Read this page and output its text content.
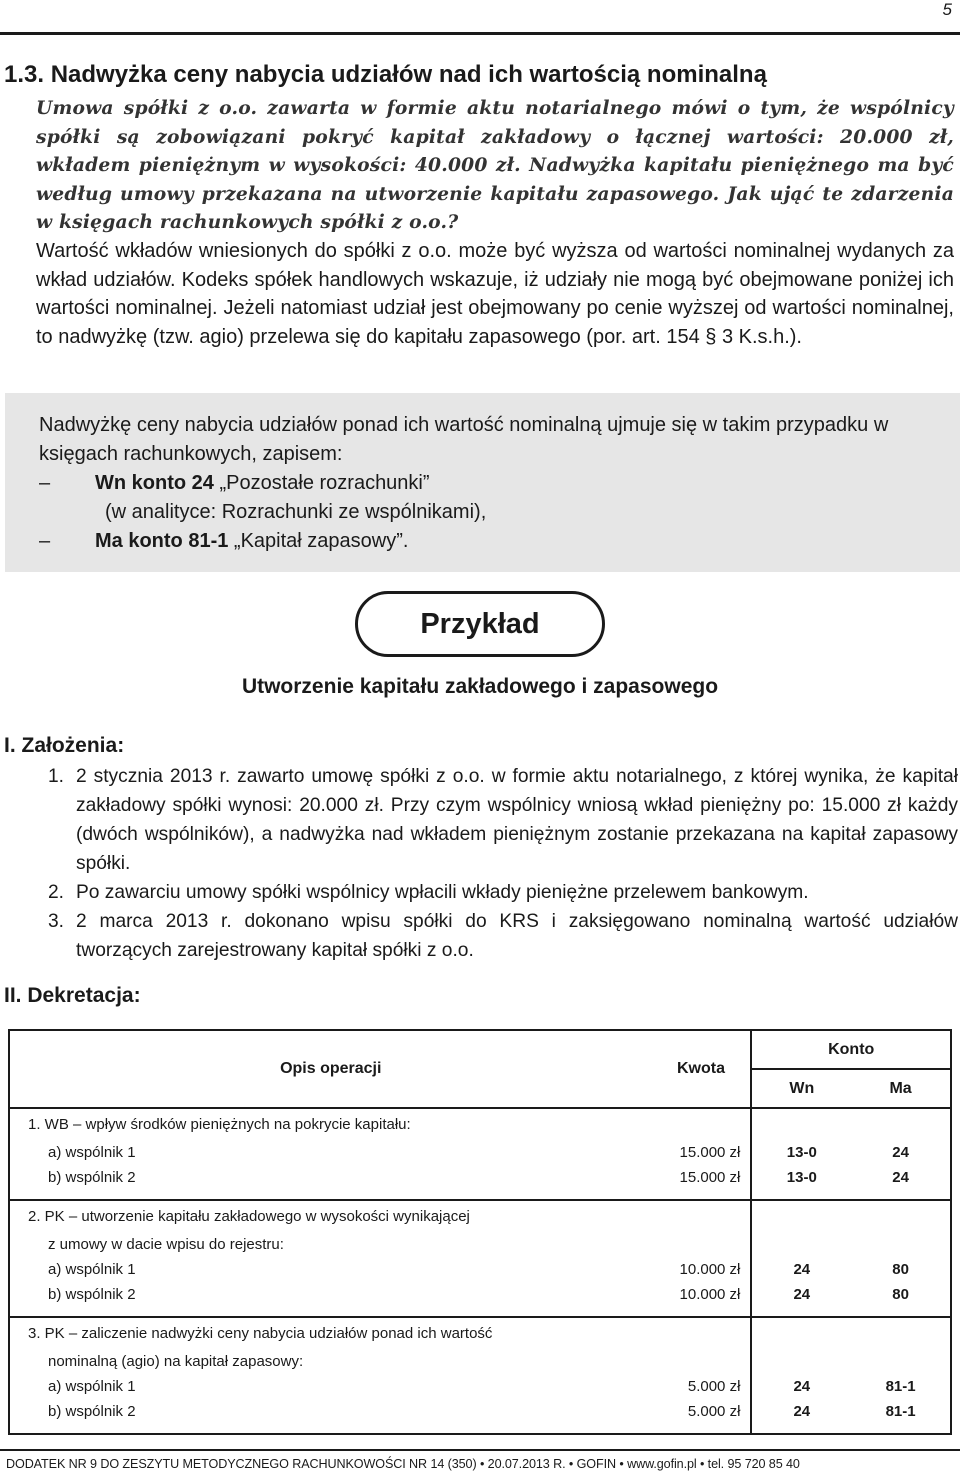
5
1.3. Nadwyżka ceny nabycia udziałów nad ich wartością nominalną
Umowa spółki z o.o. zawarta w formie aktu notarialnego mówi o tym, że wspólnicy spółki są zobowiązani pokryć kapitał zakładowy o łącznej wartości: 20.000 zł, wkładem pieniężnym w wysokości: 40.000 zł. Nadwyżka kapitału pieniężnego ma być według umowy przekazana na utworzenie kapitału zapasowego. Jak ująć te zdarzenia w księgach rachunkowych spółki z o.o.?

Wartość wkładów wniesionych do spółki z o.o. może być wyższa od wartości nominalnej wydanych za wkład udziałów. Kodeks spółek handlowych wskazuje, iż udziały nie mogą być obejmowane poniżej ich wartości nominalnej. Jeżeli natomiast udział jest obejmowany po cenie wyższej od wartości nominalnej, to nadwyżkę (tzw. agio) przelewa się do kapitału zapasowego (por. art. 154 § 3 K.s.h.).

Nadwyżkę ceny nabycia udziałów ponad ich wartość nominalną ujmuje się w takim przypadku w księgach rachunkowych, zapisem:
– Wn konto 24 „Pozostałe rozrachunki”
(w analityce: Rozrachunki ze wspólnikami),
– Ma konto 81-1 „Kapitał zapasowy”.
Przykład
Utworzenie kapitału zakładowego i zapasowego
I. Założenia:
1. 2 stycznia 2013 r. zawarto umowę spółki z o.o. w formie aktu notarialnego, z której wynika, że kapitał zakładowy spółki wynosi: 20.000 zł. Przy czym wspólnicy wniosą wkład pieniężny po: 15.000 zł każdy (dwóch wspólników), a nadwyżka nad wkładem pieniężnym zostanie przekazana na kapitał zapasowy spółki.
2. Po zawarciu umowy spółki wspólnicy wpłacili wkłady pieniężne przelewem bankowym.
3. 2 marca 2013 r. dokonano wpisu spółki do KRS i zaksięgowano nominalną wartość udziałów tworzących zarejestrowany kapitał spółki z o.o.
II. Dekretacja:
Opis operacji	Kwota	Konto	
		Wn	Ma
1. WB – wpływ środków pieniężnych na pokrycie kapitału:			
a) wspólnik 1	15.000 zł	13-0	24
b) wspólnik 2	15.000 zł	13-0	24

2. PK – utworzenie kapitału zakładowego w wysokości wynikającej			
z umowy w dacie wpisu do rejestru:			
a) wspólnik 1	10.000 zł	24	80
b) wspólnik 2	10.000 zł	24	80

3. PK – zaliczenie nadwyżki ceny nabycia udziałów ponad ich wartość			
nominalną (agio) na kapitał zapasowy:			
a) wspólnik 1	5.000 zł	24	81-1
b) wspólnik 2	5.000 zł	24	81-1

DODATEK NR 9 DO ZESZYTU METODYCZNEGO RACHUNKOWOŚCI NR 14 (350) • 20.07.2013 R. • GOFIN • www.gofin.pl • tel. 95 720 85 40
